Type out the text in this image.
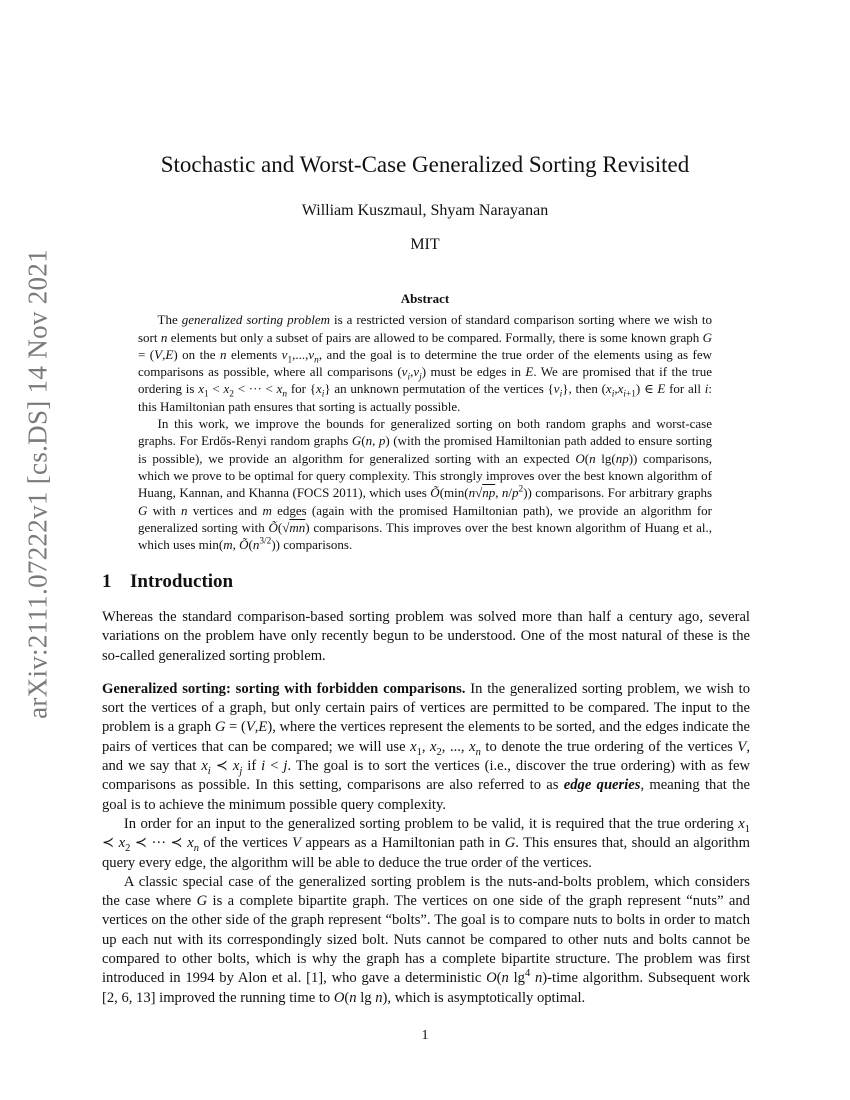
arXiv:2111.07222v1 [cs.DS] 14 Nov 2021
Stochastic and Worst-Case Generalized Sorting Revisited
William Kuszmaul, Shyam Narayanan
MIT
Abstract

The generalized sorting problem is a restricted version of standard comparison sorting where we wish to sort n elements but only a subset of pairs are allowed to be compared. Formally, there is some known graph G = (V,E) on the n elements $v_1,...,v_n$, and the goal is to determine the true order of the elements using as few comparisons as possible, where all comparisons $(v_i,v_j)$ must be edges in E. We are promised that if the true ordering is $x_1 < x_2$ < ··· < $x_n$ for $\{x_i\}$ an unknown permutation of the vertices $\{v_i\}$, then $(x_i,x_{i+1})$ ∈ E for all i: this Hamiltonian path ensures that sorting is actually possible.

In this work, we improve the bounds for generalized sorting on both random graphs and worst-case graphs. For Erdős-Renyi random graphs G(n, p) (with the promised Hamiltonian path added to ensure sorting is possible), we provide an algorithm for generalized sorting with an expected O(n lg(np)) comparisons, which we prove to be optimal for query complexity. This strongly improves over the best known algorithm of Huang, Kannan, and Khanna (FOCS 2011), which uses Õ(min(n√np, $n/p^2$)) comparisons. For arbitrary graphs G with n vertices and m edges (again with the promised Hamiltonian path), we provide an algorithm for generalized sorting with Õ(√mn) comparisons. This improves over the best known algorithm of Huang et al., which uses min(m, $Õ(n^{3/2})$) comparisons.

1 Introduction

Whereas the standard comparison-based sorting problem was solved more than half a century ago, several variations on the problem have only recently begun to be understood. One of the most natural of these is the so-called generalized sorting problem.

Generalized sorting: sorting with forbidden comparisons. In the generalized sorting problem, we wish to sort the vertices of a graph, but only certain pairs of vertices are permitted to be compared. The input to the problem is a graph G = (V,E), where the vertices represent the elements to be sorted, and the edges indicate the pairs of vertices that can be compared; we will use $x_1$, $x_2$, ..., $x_n$ to denote the true ordering of the vertices V, and we say that $x_i$ ≺ $x_j$ if i < j. The goal is to sort the vertices (i.e., discover the true ordering) with as few comparisons as possible. In this setting, comparisons are also referred to as edge queries, meaning that the goal is to achieve the minimum possible query complexity.

In order for an input to the generalized sorting problem to be valid, it is required that the true ordering $x_1$ ≺ $x_2$ ≺ ··· ≺ $x_n$ of the vertices V appears as a Hamiltonian path in G. This ensures that, should an algorithm query every edge, the algorithm will be able to deduce the true order of the vertices.

A classic special case of the generalized sorting problem is the nuts-and-bolts problem, which considers the case where G is a complete bipartite graph. The vertices on one side of the graph represent “nuts” and vertices on the other side of the graph represent “bolts”. The goal is to compare nuts to bolts in order to match up each nut with its correspondingly sized bolt. Nuts cannot be compared to other nuts and bolts cannot be compared to other bolts, which is why the graph has a complete bipartite structure. The problem was first introduced in 1994 by Alon et al. [1], who gave a deterministic O(n $\lg^4$ n)-time algorithm. Subsequent work [2, 6, 13] improved the running time to O(n lg n), which is asymptotically optimal.

1
